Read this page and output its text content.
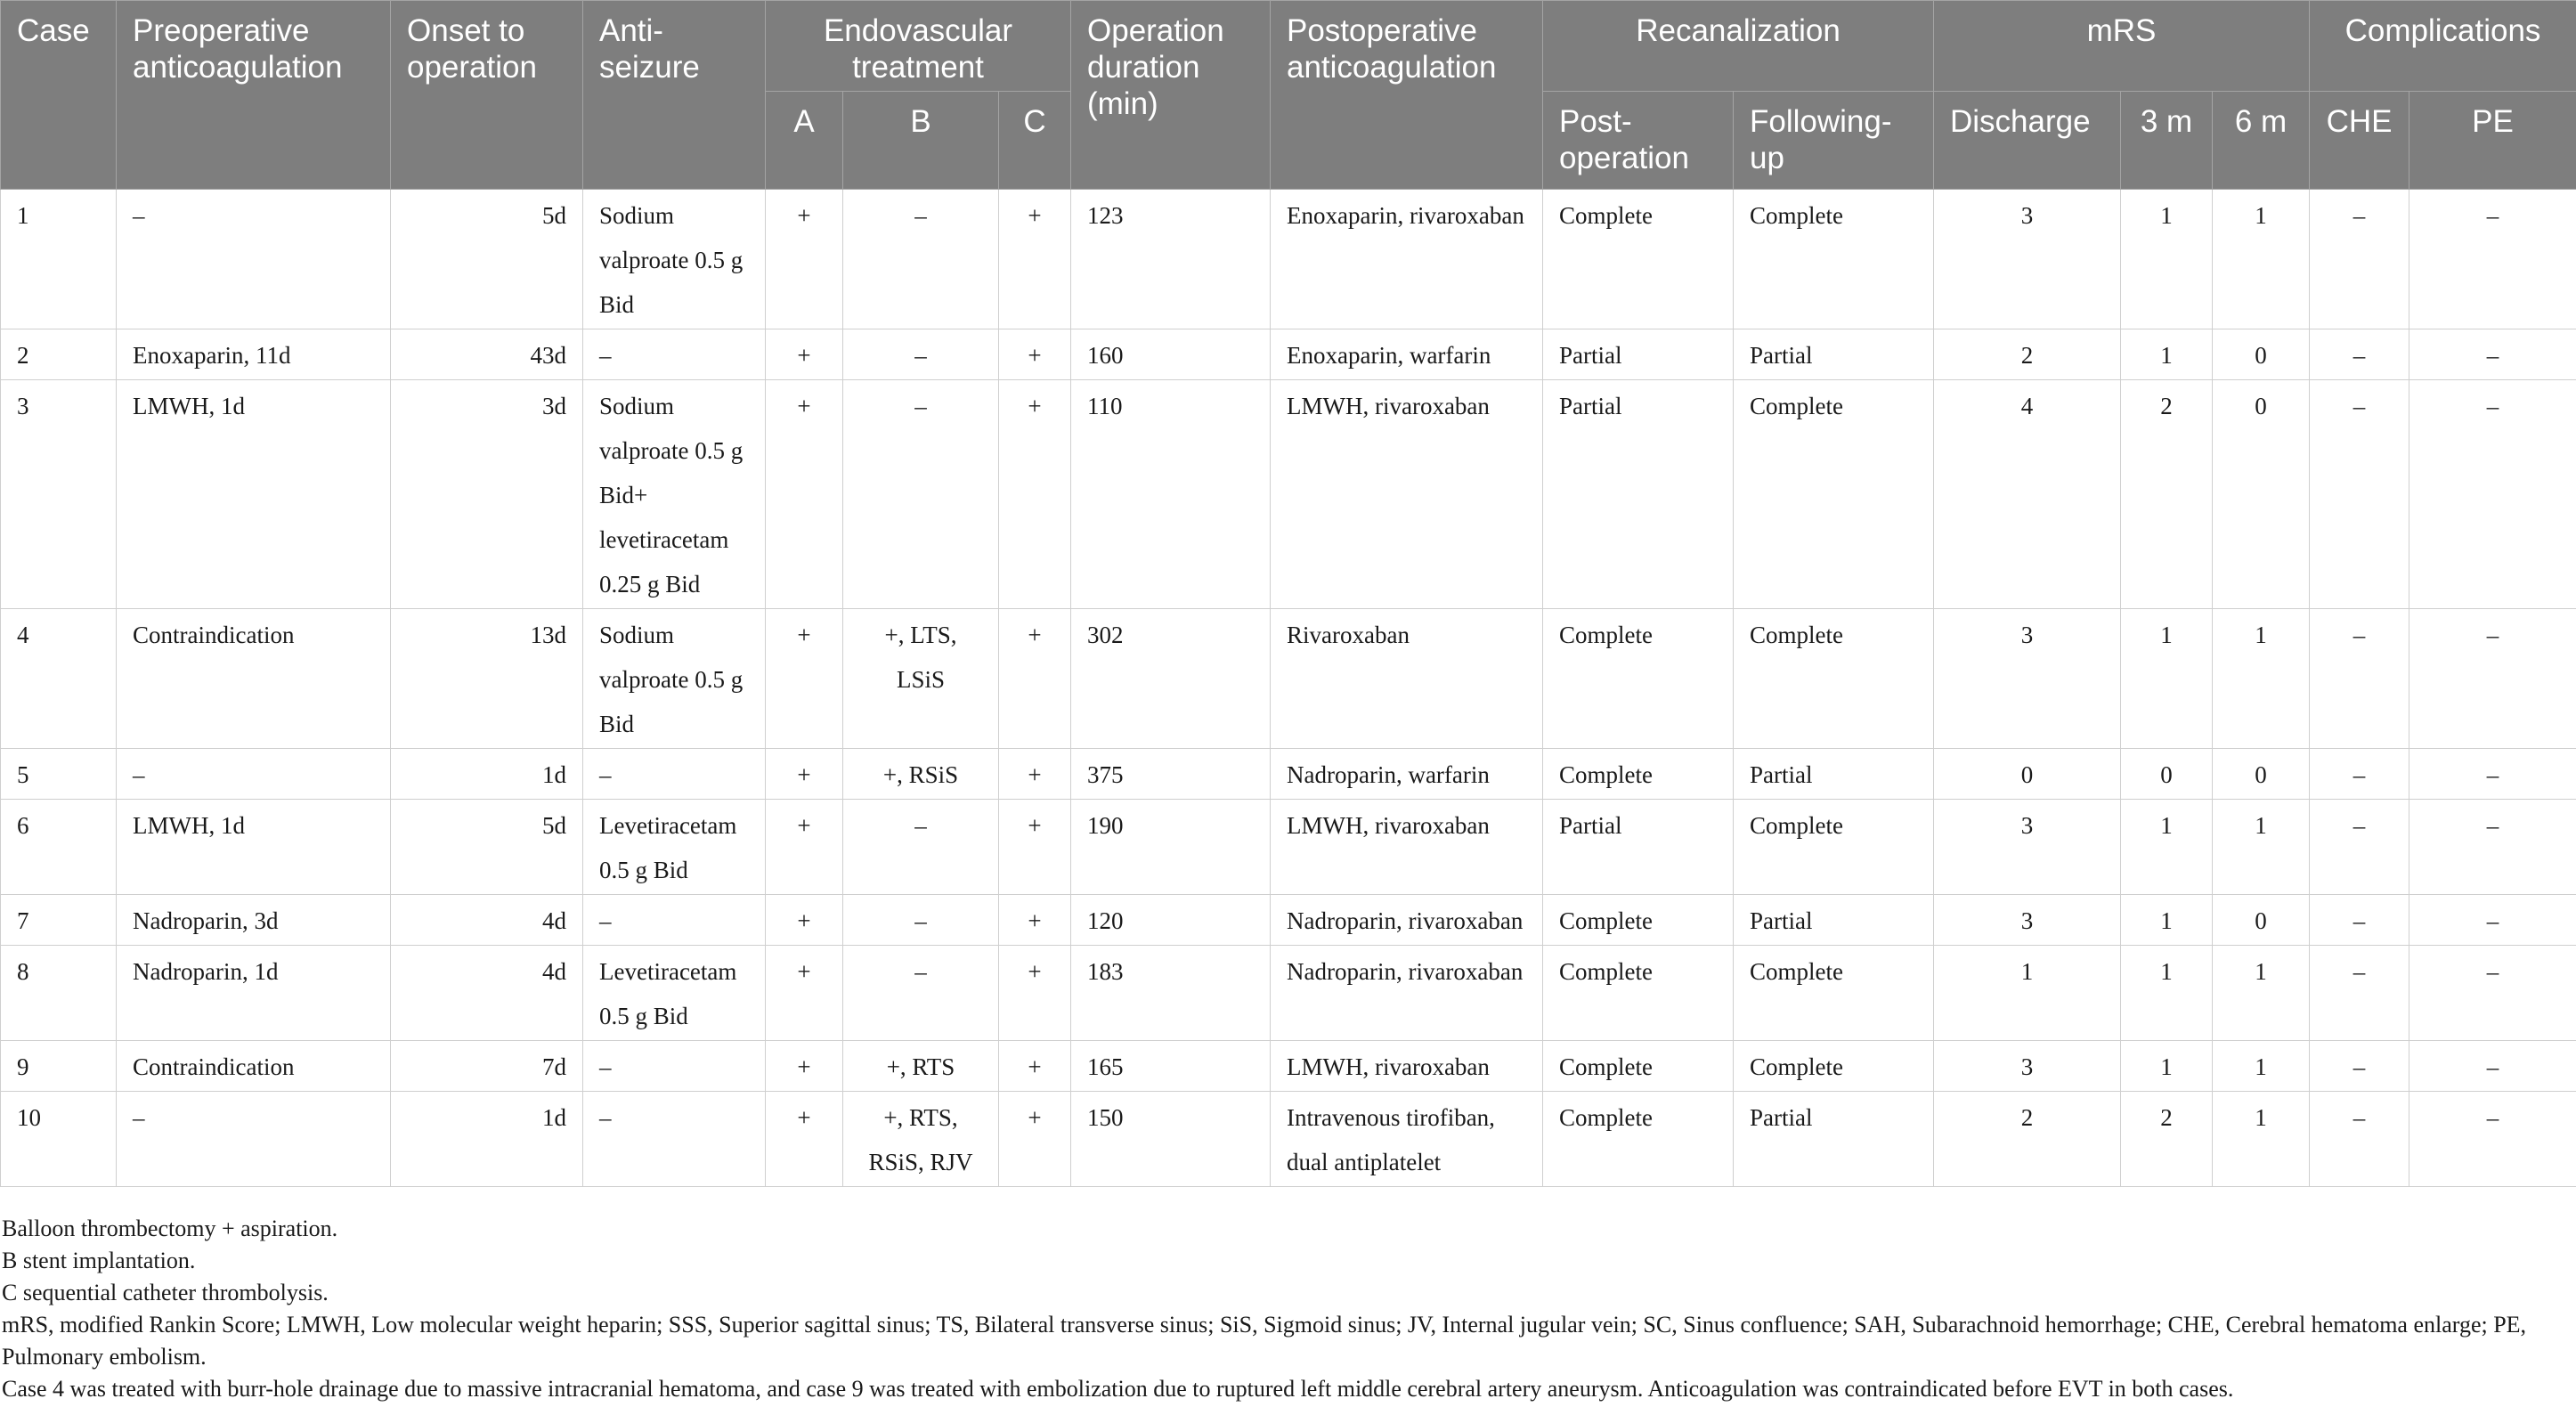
Case	Preoperative anticoagulation	Onset to operation	Anti-seizure	Endovascular treatment			Operation duration (min)	Postoperative anticoagulation	Recanalization		mRS			Complications	
				A	B	C			Post-operation	Following-up	Discharge	3 m	6 m	CHE	PE
1	–	5d	Sodium valproate 0.5 g Bid	+	–	+	123	Enoxaparin, rivaroxaban	Complete	Complete	3	1	1	–	–
2	Enoxaparin, 11d	43d	–	+	–	+	160	Enoxaparin, warfarin	Partial	Partial	2	1	0	–	–
3	LMWH, 1d	3d	Sodium valproate 0.5 g Bid+ levetiracetam 0.25 g Bid	+	–	+	110	LMWH, rivaroxaban	Partial	Complete	4	2	0	–	–
4	Contraindication	13d	Sodium valproate 0.5 g Bid	+	+, LTS, LSiS	+	302	Rivaroxaban	Complete	Complete	3	1	1	–	–
5	–	1d	–	+	+, RSiS	+	375	Nadroparin, warfarin	Complete	Partial	0	0	0	–	–
6	LMWH, 1d	5d	Levetiracetam 0.5 g Bid	+	–	+	190	LMWH, rivaroxaban	Partial	Complete	3	1	1	–	–
7	Nadroparin, 3d	4d	–	+	–	+	120	Nadroparin, rivaroxaban	Complete	Partial	3	1	0	–	–
8	Nadroparin, 1d	4d	Levetiracetam 0.5 g Bid	+	–	+	183	Nadroparin, rivaroxaban	Complete	Complete	1	1	1	–	–
9	Contraindication	7d	–	+	+, RTS	+	165	LMWH, rivaroxaban	Complete	Complete	3	1	1	–	–
10	–	1d	–	+	+, RTS, RSiS, RJV	+	150	Intravenous tirofiban, dual antiplatelet	Complete	Partial	2	2	1	–	–
Balloon thrombectomy + aspiration.
B stent implantation.
C sequential catheter thrombolysis.
mRS, modified Rankin Score; LMWH, Low molecular weight heparin; SSS, Superior sagittal sinus; TS, Bilateral transverse sinus; SiS, Sigmoid sinus; JV, Internal jugular vein; SC, Sinus confluence; SAH, Subarachnoid hemorrhage; CHE, Cerebral hematoma enlarge; PE, Pulmonary embolism.
Case 4 was treated with burr-hole drainage due to massive intracranial hematoma, and case 9 was treated with embolization due to ruptured left middle cerebral artery aneurysm. Anticoagulation was contraindicated before EVT in both cases.
